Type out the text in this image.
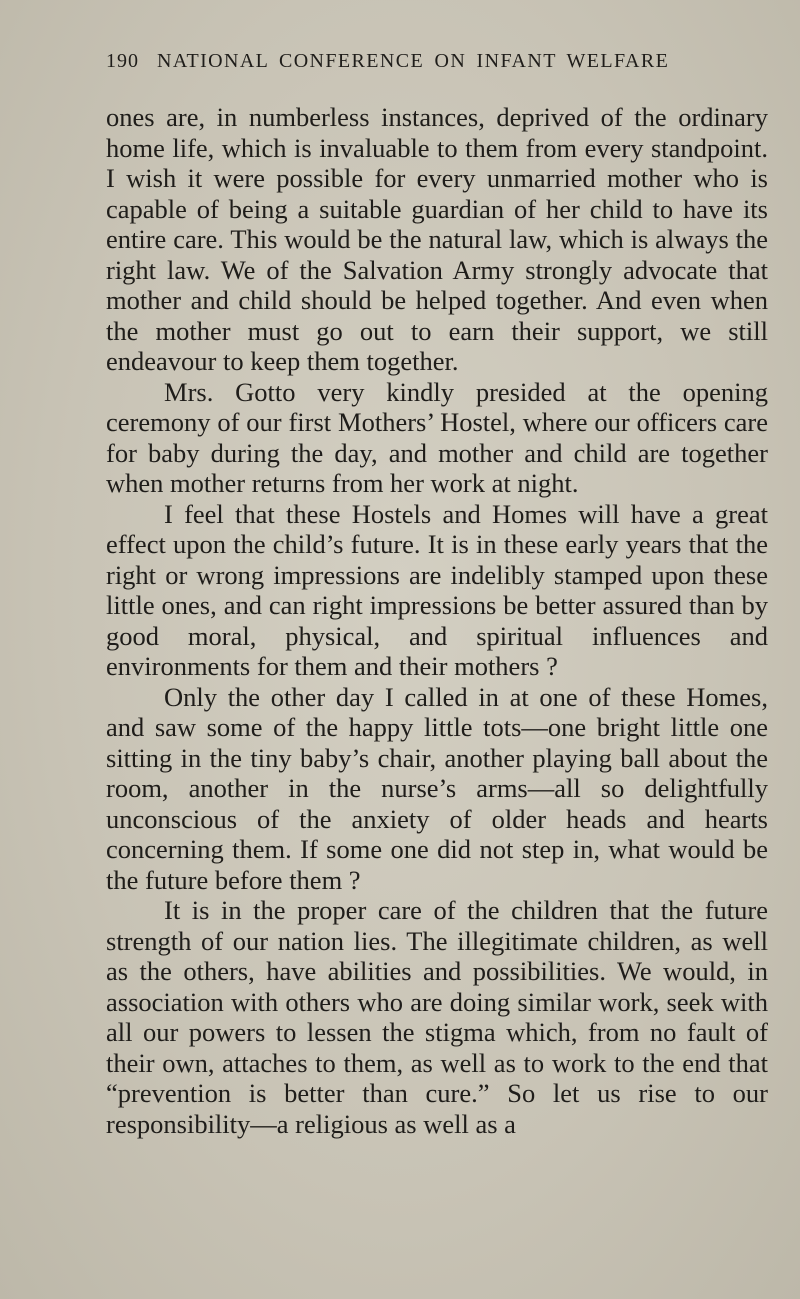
190 NATIONAL CONFERENCE ON INFANT WELFARE

ones are, in numberless instances, deprived of the ordinary home life, which is invaluable to them from every standpoint. I wish it were possible for every unmarried mother who is capable of being a suitable guardian of her child to have its entire care. This would be the natural law, which is always the right law. We of the Salvation Army strongly advocate that mother and child should be helped together. And even when the mother must go out to earn their support, we still endeavour to keep them together.

Mrs. Gotto very kindly presided at the opening ceremony of our first Mothers’ Hostel, where our officers care for baby during the day, and mother and child are together when mother returns from her work at night.

I feel that these Hostels and Homes will have a great effect upon the child’s future. It is in these early years that the right or wrong impressions are indelibly stamped upon these little ones, and can right impressions be better assured than by good moral, physical, and spiritual influences and environments for them and their mothers ?

Only the other day I called in at one of these Homes, and saw some of the happy little tots—one bright little one sitting in the tiny baby’s chair, another playing ball about the room, another in the nurse’s arms—all so delightfully unconscious of the anxiety of older heads and hearts concerning them. If some one did not step in, what would be the future before them ?

It is in the proper care of the children that the future strength of our nation lies. The illegitimate children, as well as the others, have abilities and possibilities. We would, in association with others who are doing similar work, seek with all our powers to lessen the stigma which, from no fault of their own, attaches to them, as well as to work to the end that “prevention is better than cure.” So let us rise to our responsibility—a religious as well as a
